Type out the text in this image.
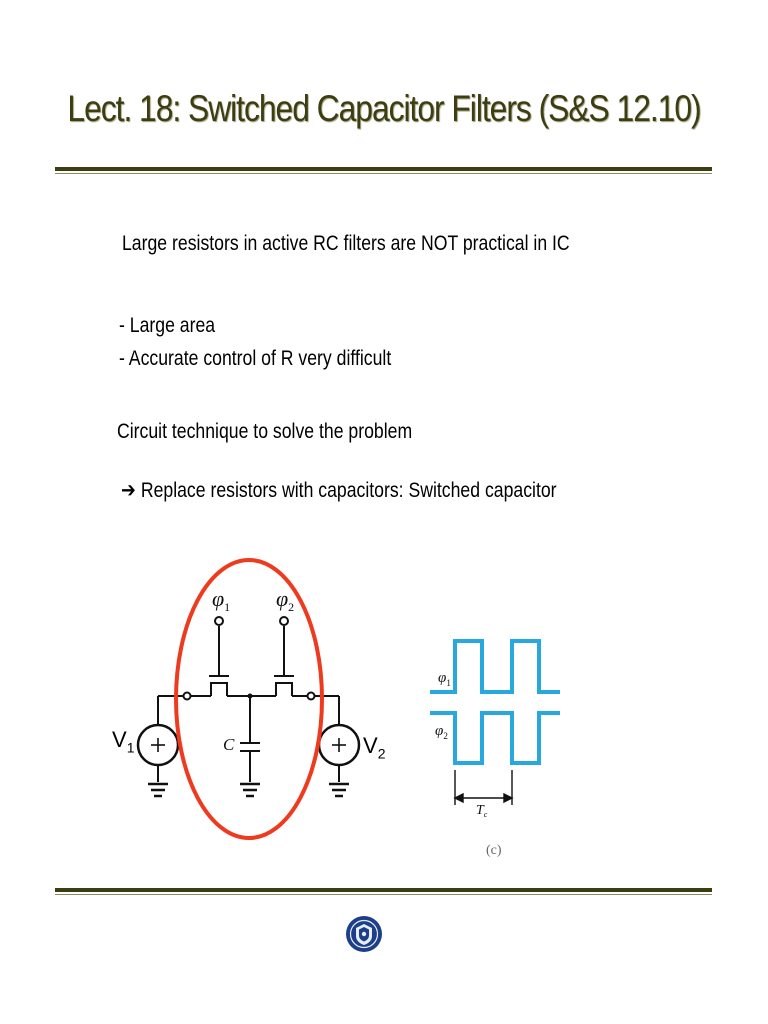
Lect. 18: Switched Capacitor Filters (S&S 12.10)
Large resistors in active RC filters are NOT practical in IC
- Large area
- Accurate control of R very difficult
Circuit technique to solve the problem
➔ Replace resistors with capacitors: Switched capacitor
$\varphi_1$ $\varphi_2$
C
$V_1$	$V_2$
$\varphi_1$
$\varphi_2$
$T_c$
(c)
